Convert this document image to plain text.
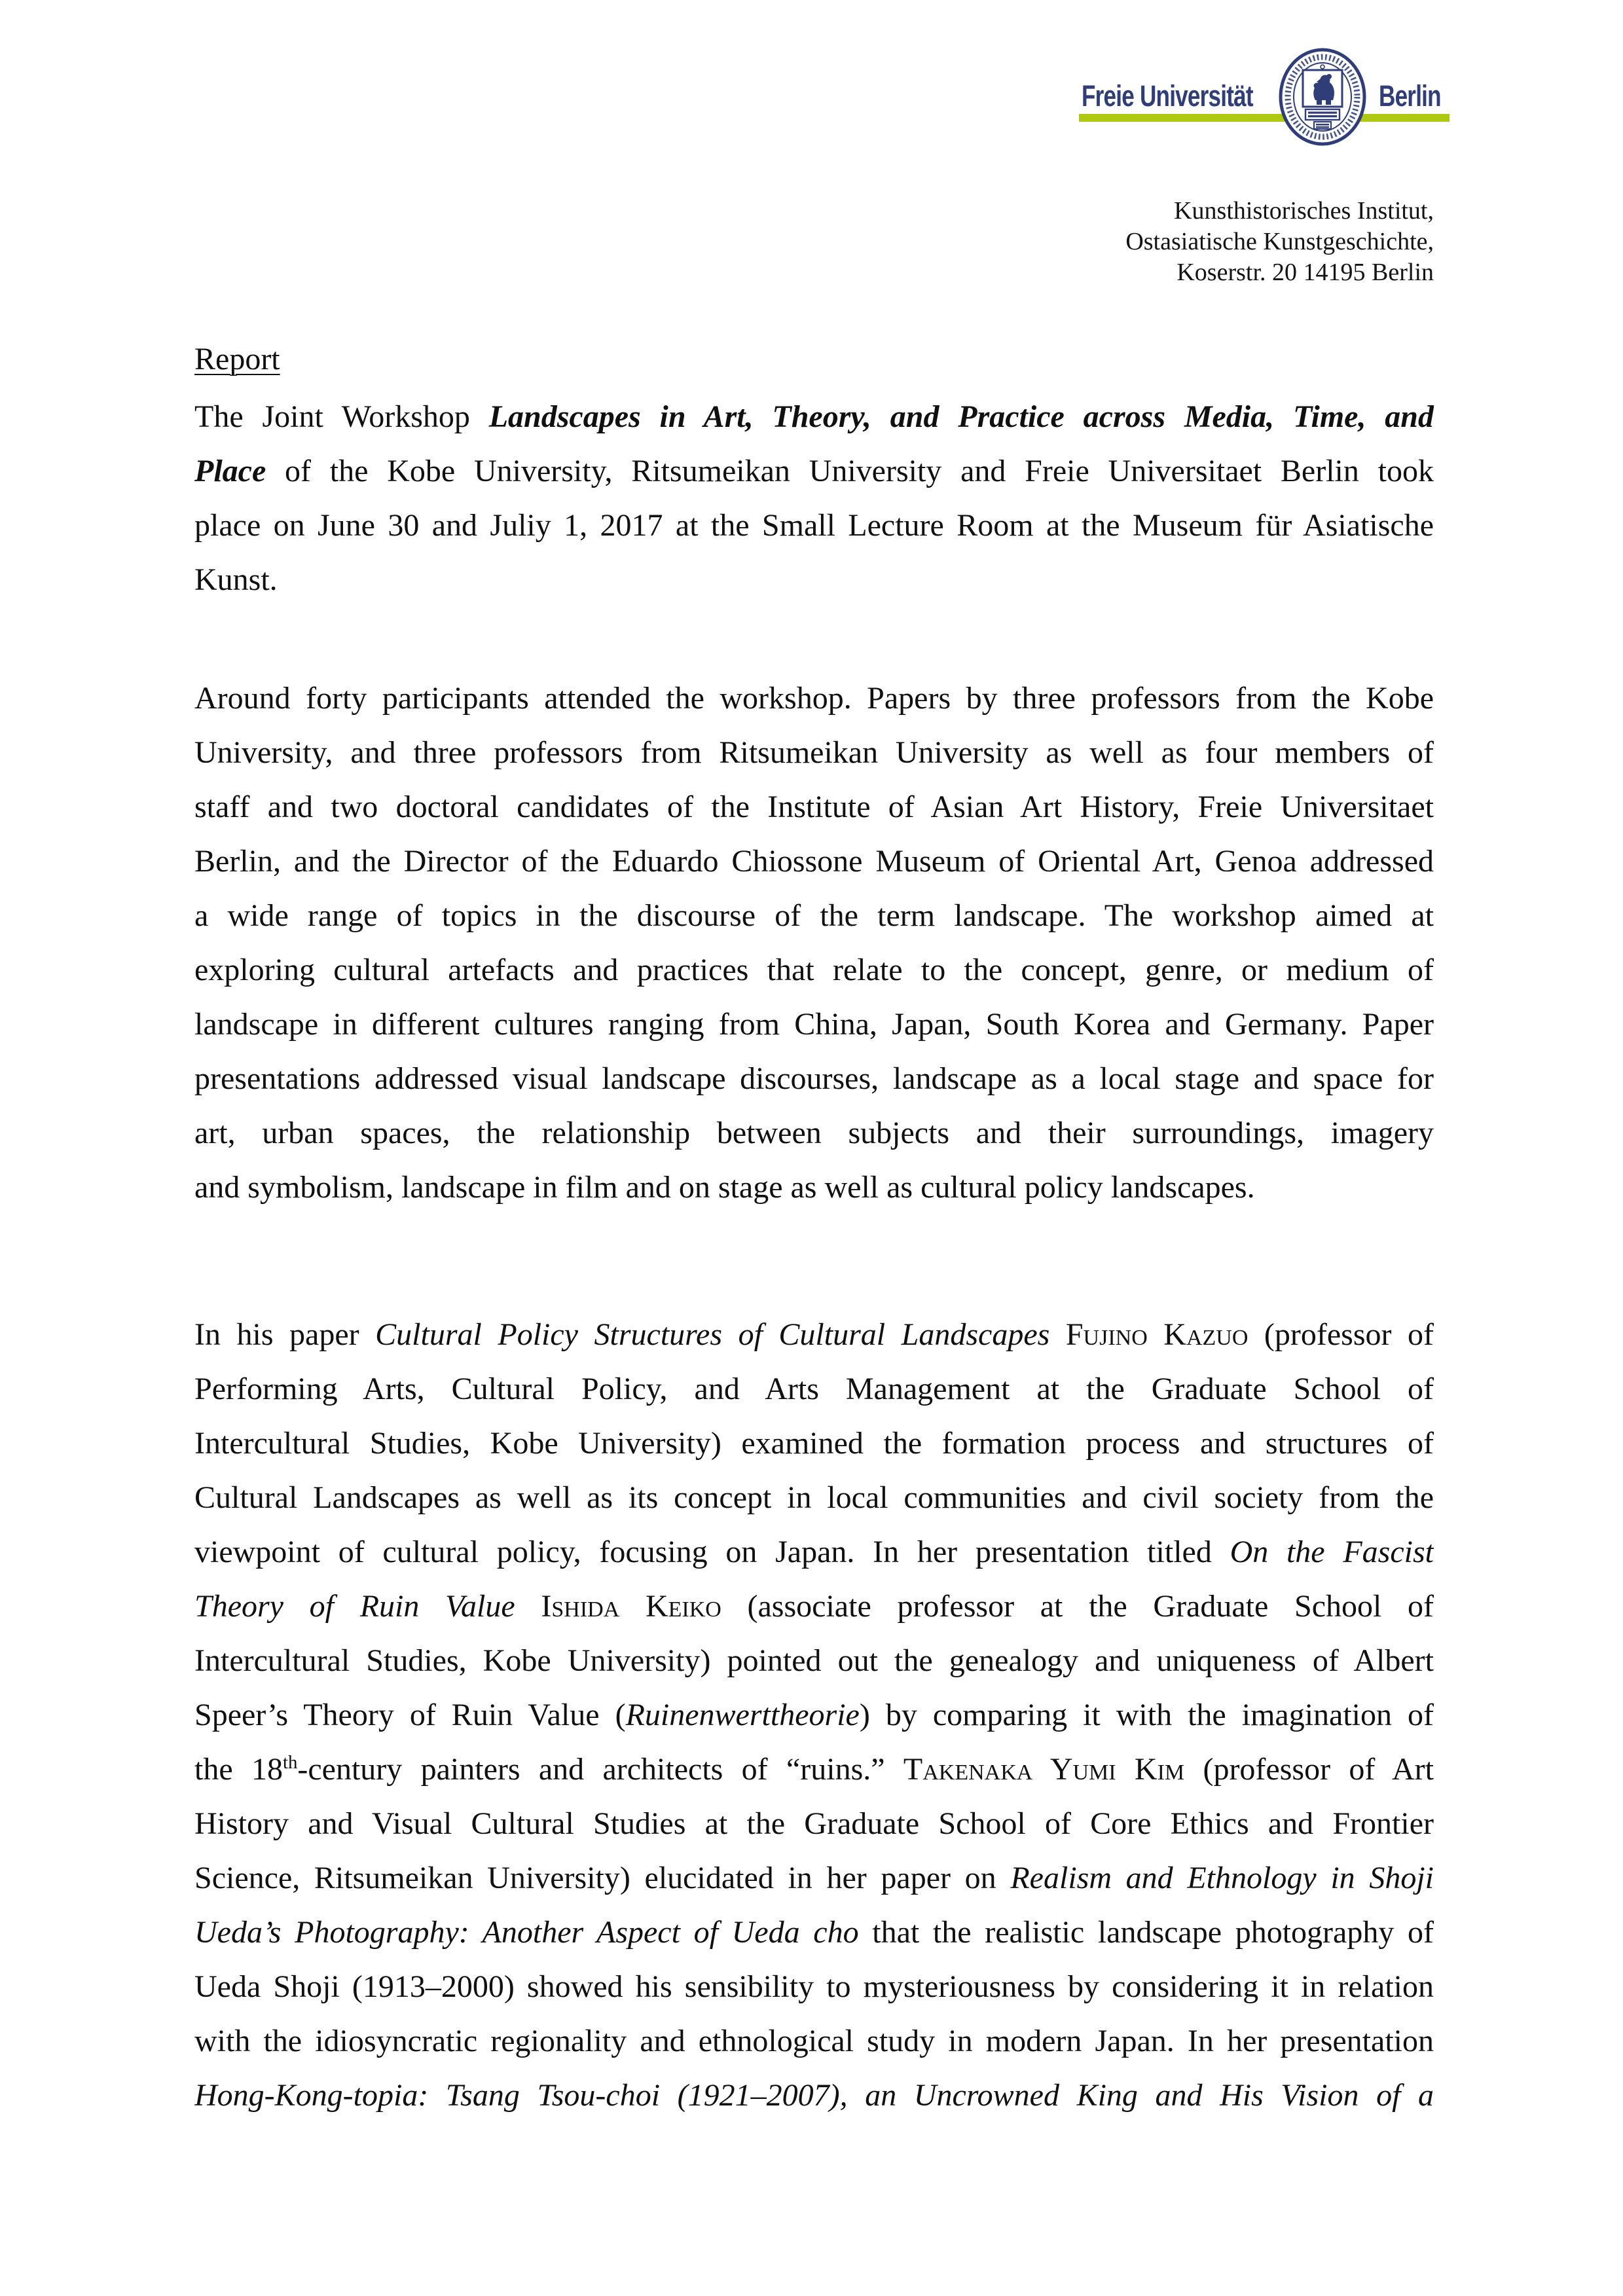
Freie Universität	Berlin
Kunsthistorisches Institut,
Ostasiatische Kunstgeschichte,
Koserstr. 20 14195 Berlin
Report
The Joint Workshop Landscapes in Art, Theory, and Practice across Media, Time, and
Place of the Kobe University, Ritsumeikan University and Freie Universitaet Berlin took
place on June 30 and Juliy 1, 2017 at the Small Lecture Room at the Museum für Asiatische
Kunst.
Around forty participants attended the workshop. Papers by three professors from the Kobe
University, and three professors from Ritsumeikan University as well as four members of
staff and two doctoral candidates of the Institute of Asian Art History, Freie Universitaet
Berlin, and the Director of the Eduardo Chiossone Museum of Oriental Art, Genoa addressed
a wide range of topics in the discourse of the term landscape. The workshop aimed at
exploring cultural artefacts and practices that relate to the concept, genre, or medium of
landscape in different cultures ranging from China, Japan, South Korea and Germany. Paper
presentations addressed visual landscape discourses, landscape as a local stage and space for
art, urban spaces, the relationship between subjects and their surroundings, imagery
and symbolism, landscape in film and on stage as well as cultural policy landscapes.
In his paper Cultural Policy Structures of Cultural Landscapes Fujino Kazuo (professor of
Performing Arts, Cultural Policy, and Arts Management at the Graduate School of
Intercultural Studies, Kobe University) examined the formation process and structures of
Cultural Landscapes as well as its concept in local communities and civil society from the
viewpoint of cultural policy, focusing on Japan. In her presentation titled On the Fascist
Theory of Ruin Value Ishida Keiko (associate professor at the Graduate School of
Intercultural Studies, Kobe University) pointed out the genealogy and uniqueness of Albert
Speer’s Theory of Ruin Value (Ruinenwerttheorie) by comparing it with the imagination of
the 18th-century painters and architects of “ruins.” Takenaka Yumi Kim (professor of Art
History and Visual Cultural Studies at the Graduate School of Core Ethics and Frontier
Science, Ritsumeikan University) elucidated in her paper on Realism and Ethnology in Shoji
Ueda’s Photography: Another Aspect of Ueda cho that the realistic landscape photography of
Ueda Shoji (1913–2000) showed his sensibility to mysteriousness by considering it in relation
with the idiosyncratic regionality and ethnological study in modern Japan. In her presentation
Hong-Kong-topia: Tsang Tsou-choi (1921–2007), an Uncrowned King and His Vision of a
